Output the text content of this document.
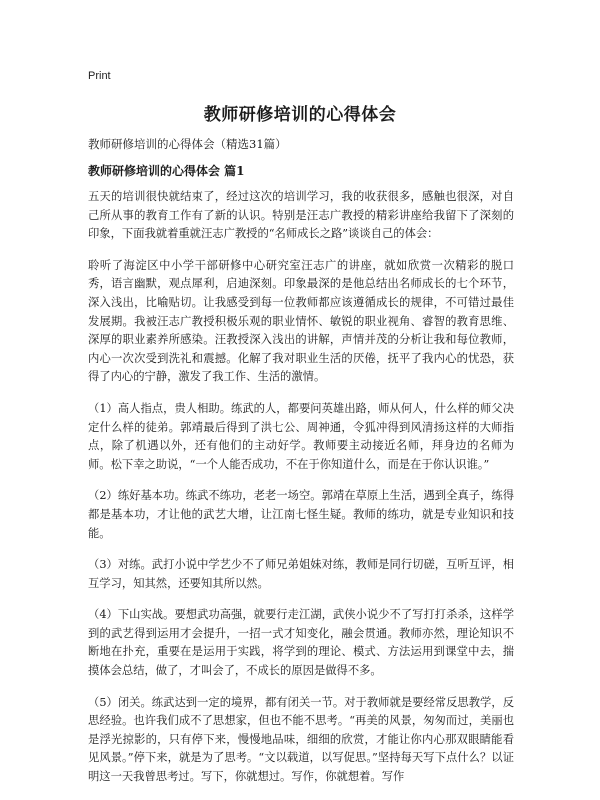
Print
教师研修培训的心得体会

教师研修培训的心得体会（精选31篇）

教师研修培训的心得体会 篇1

五天的培训很快就结束了，经过这次的培训学习，我的收获很多，感触也很深，对自己所从事的教育工作有了新的认识。特别是汪志广教授的精彩讲座给我留下了深刻的印象，下面我就着重就汪志广教授的“名师成长之路”谈谈自己的体会：

聆听了海淀区中小学干部研修中心研究室汪志广的讲座，就如欣赏一次精彩的脱口秀，语言幽默，观点犀利，启迪深刻。印象最深的是他总结出名师成长的七个环节，深入浅出，比喻贴切。让我感受到每一位教师都应该遵循成长的规律，不可错过最佳发展期。我被汪志广教授积极乐观的职业情怀、敏锐的职业视角、睿智的教育思维、深厚的职业素养所感染。汪教授深入浅出的讲解，声情并茂的分析让我和每位教师，内心一次次受到洗礼和震撼。化解了我对职业生活的厌倦，抚平了我内心的忧恐，获得了内心的宁静，激发了我工作、生活的激情。

（1）高人指点，贵人相助。练武的人，都要问英雄出路，师从何人，什么样的师父决定什么样的徒弟。郭靖最后得到了洪七公、周神通，令狐冲得到风清扬这样的大师指点，除了机遇以外，还有他们的主动好学。教师要主动接近名师，拜身边的名师为师。松下幸之助说，“一个人能否成功，不在于你知道什么，而是在于你认识谁。”

（2）练好基本功。练武不练功，老老一场空。郭靖在草原上生活，遇到全真子，练得都是基本功，才让他的武艺大增，让江南七怪生疑。教师的练功，就是专业知识和技能。

（3）对练。武打小说中学艺少不了师兄弟姐妹对练，教师是同行切磋，互听互评，相互学习，知其然，还要知其所以然。

（4）下山实战。要想武功高强，就要行走江湖，武侠小说少不了写打打杀杀，这样学到的武艺得到运用才会提升，一招一式才知变化，融会贯通。教师亦然，理论知识不断地在扑充，重要在是运用于实践，将学到的理论、模式、方法运用到课堂中去，揣摸体会总结，做了，才叫会了，不成长的原因是做得不多。

（5）闭关。练武达到一定的境界，都有闭关一节。对于教师就是要经常反思教学，反思经验。也许我们成不了思想家，但也不能不思考。“再美的风景，匆匆而过，美丽也是浮光掠影的，只有停下来，慢慢地品味，细细的欣赏，才能让你内心那双眼睛能看见风景。”停下来，就是为了思考。“文以载道，以写促思。”坚持每天写下点什么？以证明这一天我曾思考过。写下，你就想过。写作，你就想着。写作
